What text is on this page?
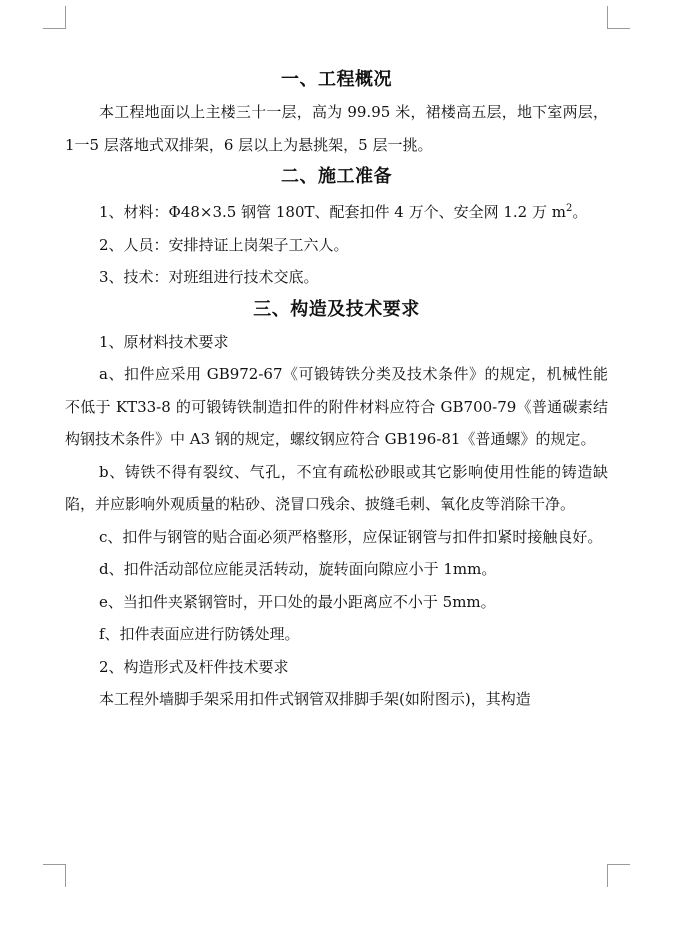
一、工程概况

本工程地面以上主楼三十一层，高为 99.95 米，裙楼高五层，地下室两层，1一5 层落地式双排架，6 层以上为悬挑架，5 层一挑。

二、施工准备

1、材料：Φ48×3.5 钢管 180T、配套扣件 4 万个、安全网 1.2 万 $m^2$。

2、人员：安排持证上岗架子工六人。

3、技术：对班组进行技术交底。

三、构造及技术要求

1、原材料技术要求

a、扣件应采用 GB972-67《可锻铸铁分类及技术条件》的规定，机械性能不低于 KT33-8 的可锻铸铁制造扣件的附件材料应符合 GB700-79《普通碳素结构钢技术条件》中 A3 钢的规定，螺纹钢应符合 GB196-81《普通螺》的规定。

b、铸铁不得有裂纹、气孔，不宜有疏松砂眼或其它影响使用性能的铸造缺陷，并应影响外观质量的粘砂、浇冒口残余、披缝毛刺、氧化皮等消除干净。

c、扣件与钢管的贴合面必须严格整形，应保证钢管与扣件扣紧时接触良好。

d、扣件活动部位应能灵活转动，旋转面向隙应小于 1mm。

e、当扣件夹紧钢管时，开口处的最小距离应不小于 5mm。

f、扣件表面应进行防锈处理。

2、构造形式及杆件技术要求

本工程外墙脚手架采用扣件式钢管双排脚手架(如附图示)，其构造
